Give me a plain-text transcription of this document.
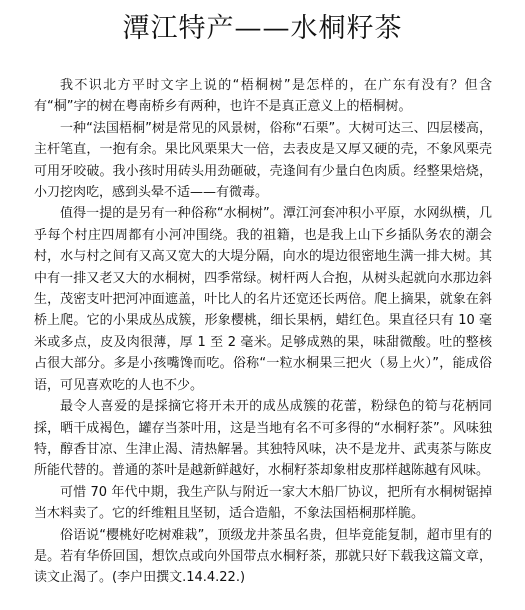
潭江特产——水桐籽茶

我不识北方平时文字上说的“梧桐树”是怎样的，在广东有没有？但含有“桐”字的树在粤南桥乡有两种，也许不是真正意义上的梧桐树。

一种“法国梧桐”树是常见的风景树，俗称“石栗”。大树可达三、四层楼高，主杆笔直，一抱有余。果比风栗果大一倍，去表皮是又厚又硬的壳，不象风栗壳可用牙咬破。我小孩时用砖头用劲砸破，壳逢间有少量白色肉质。经整果焙烧，小刀挖肉吃，感到头晕不适——有微毒。

值得一提的是另有一种俗称“水桐树”。潭江河套冲积小平原，水网纵横，几乎每个村庄四周都有小河冲围绕。我的祖籍，也是我上山下乡插队务农的潮会村，水与村之间有又高又宽大的大堤分隔，向水的堤边很密地生满一排大树。其中有一排又老又大的水桐树，四季常绿。树杆两人合抱，从树头起就向水那边斜生，茂密支叶把河冲面遮盖，叶比人的名片还宽还长两倍。爬上摘果，就象在斜桥上爬。它的小果成丛成簇，形象樱桃，细长果柄，蜡红色。果直径只有 10 毫米或多点，皮及肉很薄，厚 1 至 2 毫米。足够成熟的果，味甜微酸。吐的整核占很大部分。多是小孩嘴馋而吃。俗称“一粒水桐果三把火（易上火）”，能成俗语，可见喜欢吃的人也不少。

最令人喜爱的是採摘它将开未开的成丛成簇的花蕾，粉绿色的筍与花柄同採，晒干成褐色，罐存当茶叶用，这是当地有名不可多得的“水桐籽茶”。风味独特，醇香甘凉、生津止渴、清热解暑。其独特风味，决不是龙井、武夷茶与陈皮所能代替的。普通的茶叶是越新鲜越好，水桐籽茶却象柑皮那样越陈越有风味。

可惜 70 年代中期，我生产队与附近一家大木船厂协议，把所有水桐树锯掉当木料卖了。它的纤维粗且坚韧，适合造船，不象法国梧桐那样脆。

俗语说“樱桃好吃树难栽”，顶级龙井茶虽名贵，但毕竟能复制，超市里有的是。若有华侨回国，想饮点或向外国带点水桐籽茶，那就只好下载我这篇文章，读文止渴了。(李户田撰文.14.4.22.)
